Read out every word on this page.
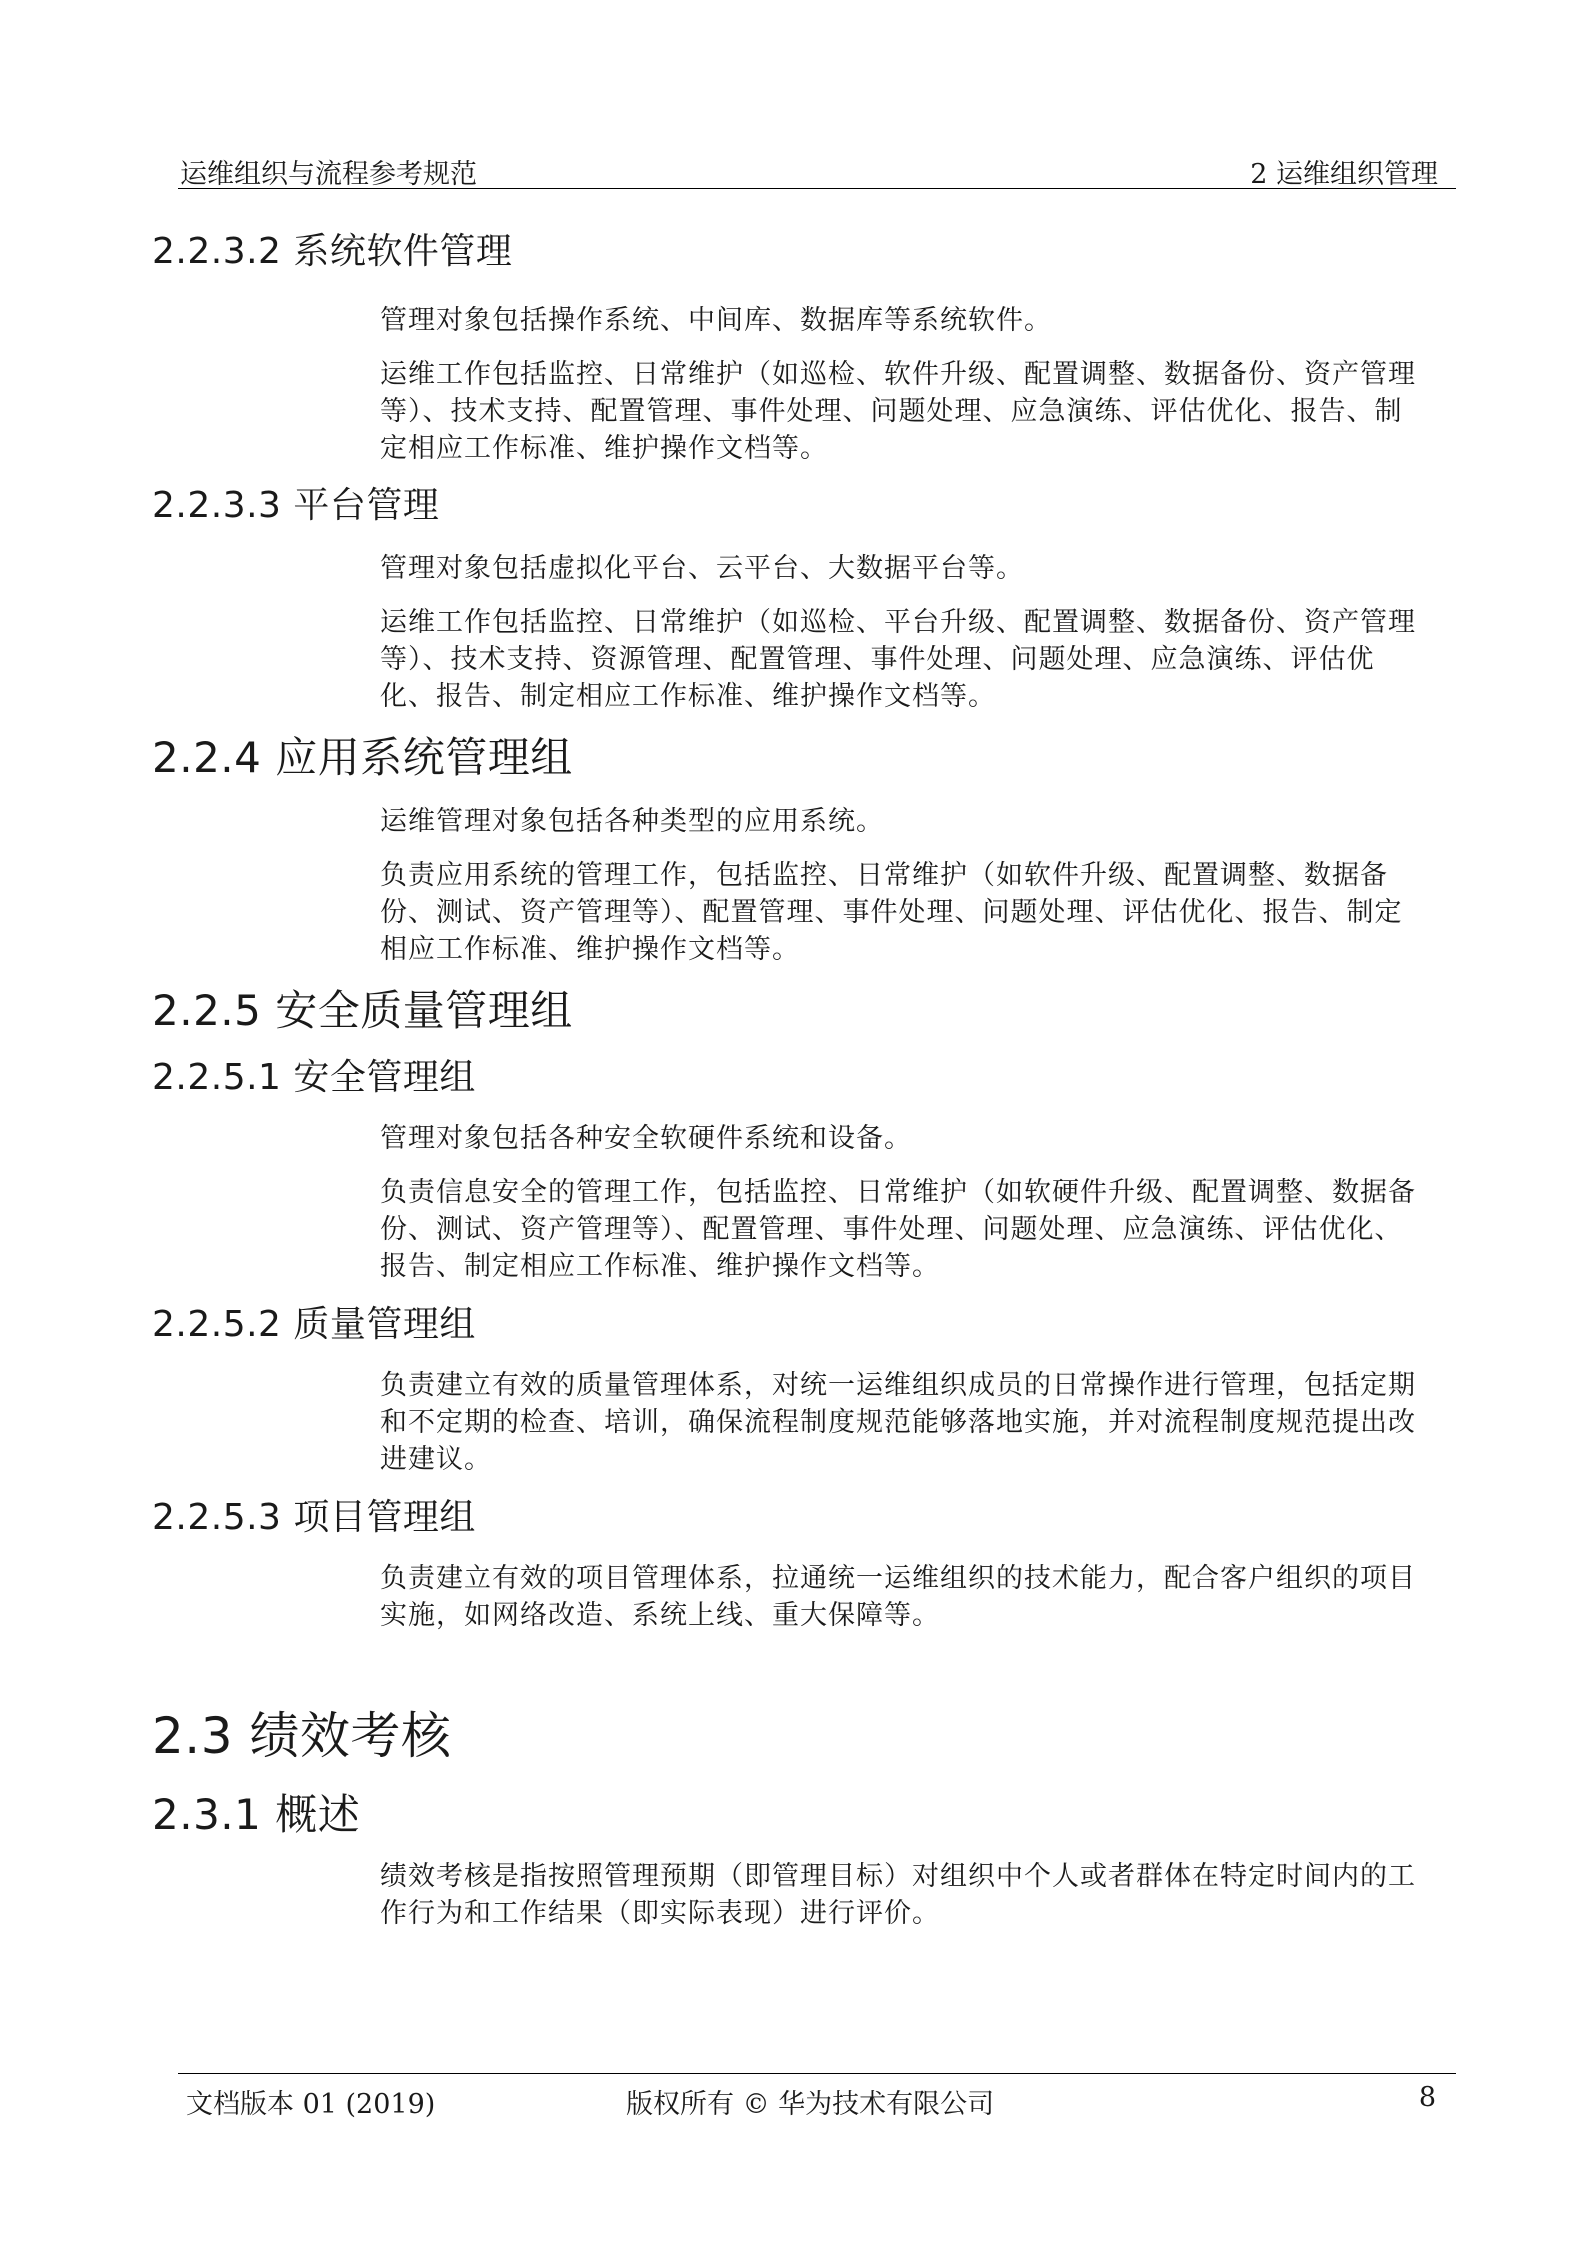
运维组织与流程参考规范	2 运维组织管理
2.2.3.2 系统软件管理

管理对象包括操作系统、中间库、数据库等系统软件。

运维工作包括监控、日常维护（如巡检、软件升级、配置调整、数据备份、资产管理等）、技术支持、配置管理、事件处理、问题处理、应急演练、评估优化、报告、制定相应工作标准、维护操作文档等。

2.2.3.3 平台管理

管理对象包括虚拟化平台、云平台、大数据平台等。

运维工作包括监控、日常维护（如巡检、平台升级、配置调整、数据备份、资产管理等）、技术支持、资源管理、配置管理、事件处理、问题处理、应急演练、评估优化、报告、制定相应工作标准、维护操作文档等。

2.2.4 应用系统管理组

运维管理对象包括各种类型的应用系统。

负责应用系统的管理工作，包括监控、日常维护（如软件升级、配置调整、数据备份、测试、资产管理等）、配置管理、事件处理、问题处理、评估优化、报告、制定相应工作标准、维护操作文档等。

2.2.5 安全质量管理组
2.2.5.1 安全管理组

管理对象包括各种安全软硬件系统和设备。

负责信息安全的管理工作，包括监控、日常维护（如软硬件升级、配置调整、数据备份、测试、资产管理等）、配置管理、事件处理、问题处理、应急演练、评估优化、报告、制定相应工作标准、维护操作文档等。

2.2.5.2 质量管理组

负责建立有效的质量管理体系，对统一运维组织成员的日常操作进行管理，包括定期和不定期的检查、培训，确保流程制度规范能够落地实施，并对流程制度规范提出改进建议。

2.2.5.3 项目管理组

负责建立有效的项目管理体系，拉通统一运维组织的技术能力，配合客户组织的项目实施，如网络改造、系统上线、重大保障等。

2.3 绩效考核
2.3.1 概述

绩效考核是指按照管理预期（即管理目标）对组织中个人或者群体在特定时间内的工作行为和工作结果（即实际表现）进行评价。

文档版本 01 (2019)	版权所有 © 华为技术有限公司	8
